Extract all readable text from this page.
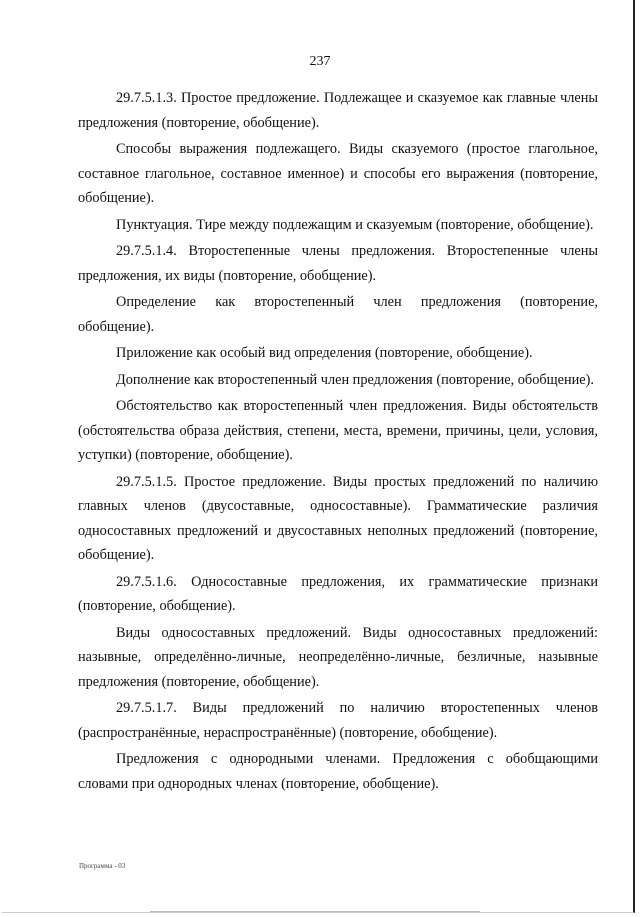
237

29.7.5.1.3. Простое предложение. Подлежащее и сказуемое как главные члены предложения (повторение, обобщение).

Способы выражения подлежащего. Виды сказуемого (простое глагольное, составное глагольное, составное именное) и способы его выражения (повторение, обобщение).

Пунктуация. Тире между подлежащим и сказуемым (повторение, обобщение).

29.7.5.1.4. Второстепенные члены предложения. Второстепенные члены предложения, их виды (повторение, обобщение).

Определение как второстепенный член предложения (повторение, обобщение).

Приложение как особый вид определения (повторение, обобщение).

Дополнение как второстепенный член предложения (повторение, обобщение).

Обстоятельство как второстепенный член предложения. Виды обстоятельств (обстоятельства образа действия, степени, места, времени, причины, цели, условия, уступки) (повторение, обобщение).

29.7.5.1.5. Простое предложение. Виды простых предложений по наличию главных членов (двусоставные, односоставные). Грамматические различия односоставных предложений и двусоставных неполных предложений (повторение, обобщение).

29.7.5.1.6. Односоставные предложения, их грамматические признаки (повторение, обобщение).

Виды односоставных предложений. Виды односоставных предложений: назывные, определённо-личные, неопределённо-личные, безличные, назывные предложения (повторение, обобщение).

29.7.5.1.7. Виды предложений по наличию второстепенных членов (распространённые, нераспространённые) (повторение, обобщение).

Предложения с однородными членами. Предложения с обобщающими словами при однородных членах (повторение, обобщение).

Программа - 03
